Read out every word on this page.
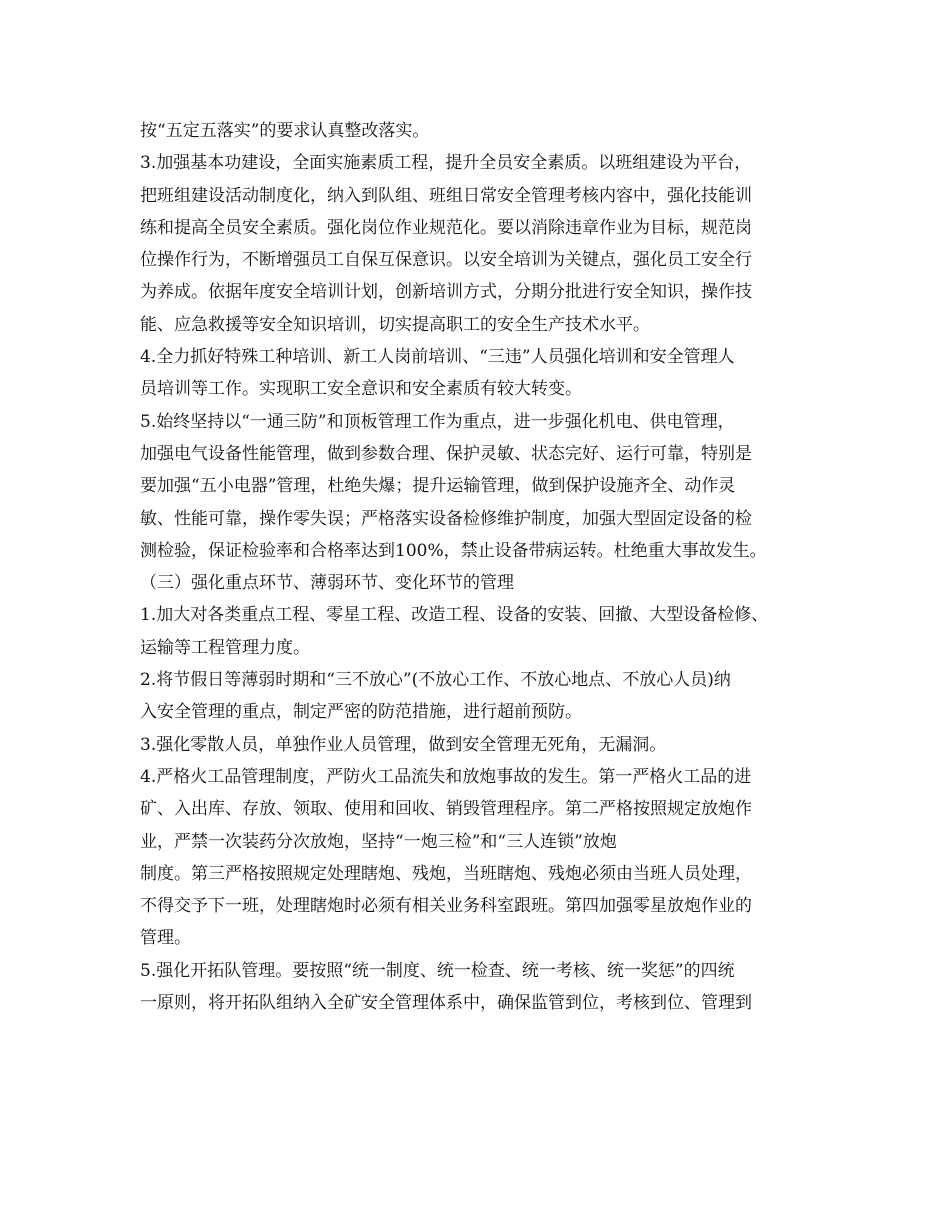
按“五定五落实”的要求认真整改落实。
3.加强基本功建设，全面实施素质工程，提升全员安全素质。以班组建设为平台，
把班组建设活动制度化，纳入到队组、班组日常安全管理考核内容中，强化技能训
练和提高全员安全素质。强化岗位作业规范化。要以消除违章作业为目标，规范岗
位操作行为，不断增强员工自保互保意识。以安全培训为关键点，强化员工安全行
为养成。依据年度安全培训计划，创新培训方式，分期分批进行安全知识，操作技
能、应急救援等安全知识培训，切实提高职工的安全生产技术水平。
4.全力抓好特殊工种培训、新工人岗前培训、“三违”人员强化培训和安全管理人
员培训等工作。实现职工安全意识和安全素质有较大转变。
5.始终坚持以“一通三防”和顶板管理工作为重点，进一步强化机电、供电管理，
加强电气设备性能管理，做到参数合理、保护灵敏、状态完好、运行可靠，特别是
要加强“五小电器”管理，杜绝失爆；提升运输管理，做到保护设施齐全、动作灵
敏、性能可靠，操作零失误；严格落实设备检修维护制度，加强大型固定设备的检
测检验，保证检验率和合格率达到100%，禁止设备带病运转。杜绝重大事故发生。
（三）强化重点环节、薄弱环节、变化环节的管理
1.加大对各类重点工程、零星工程、改造工程、设备的安装、回撤、大型设备检修、
运输等工程管理力度。
2.将节假日等薄弱时期和“三不放心”(不放心工作、不放心地点、不放心人员)纳
入安全管理的重点，制定严密的防范措施，进行超前预防。
3.强化零散人员，单独作业人员管理，做到安全管理无死角，无漏洞。
4.严格火工品管理制度，严防火工品流失和放炮事故的发生。第一严格火工品的进
矿、入出库、存放、领取、使用和回收、销毁管理程序。第二严格按照规定放炮作
业，严禁一次装药分次放炮，坚持“一炮三检”和“三人连锁”放炮
制度。第三严格按照规定处理瞎炮、残炮，当班瞎炮、残炮必须由当班人员处理，
不得交予下一班，处理瞎炮时必须有相关业务科室跟班。第四加强零星放炮作业的
管理。
5.强化开拓队管理。要按照“统一制度、统一检查、统一考核、统一奖惩”的四统
一原则，将开拓队组纳入全矿安全管理体系中，确保监管到位，考核到位、管理到
